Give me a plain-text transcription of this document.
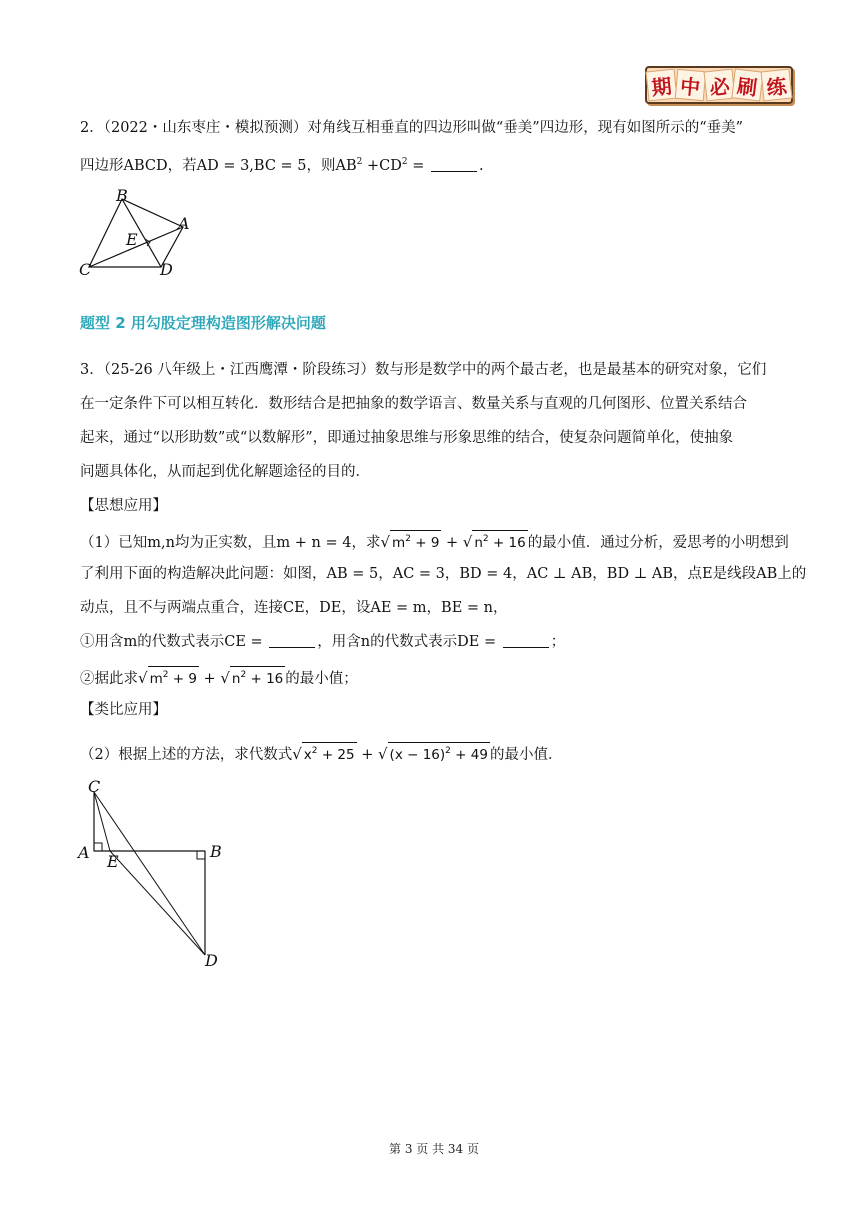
期 中 必 刷 练
2．（2022・山东枣庄・模拟预测）对角线互相垂直的四边形叫做“垂美”四边形，现有如图所示的“垂美”
四边形ABCD，若AD = 3,BC = 5，则$AB^2 +CD^2$ =	.
B
A
E
C	D
题型 2 用勾股定理构造图形解决问题
3．（25-26 八年级上・江西鹰潭・阶段练习）数与形是数学中的两个最古老，也是最基本的研究对象，它们
在一定条件下可以相互转化．数形结合是把抽象的数学语言、数量关系与直观的几何图形、位置关系结合
起来，通过“以形助数”或“以数解形”，即通过抽象思维与形象思维的结合，使复杂问题简单化，使抽象
问题具体化，从而起到优化解题途径的目的．
【思想应用】
（1）已知m,n均为正实数，且m + n = 4，求√ $m^2 + 9$ + √ $n^2 + 16$ 的最小值．通过分析，爱思考的小明想到
了利用下面的构造解决此问题：如图，AB = 5，AC = 3，BD = 4，AC ⊥ AB，BD ⊥ AB，点E是线段AB上的
动点，且不与两端点重合，连接CE，DE，设AE = m，BE = n，
①用含m的代数式表示CE =	，用含n的代数式表示DE =	；
②据此求√ $m^2 + 9$ + √ $n^2 + 16$ 的最小值；
【类比应用】
（2）根据上述的方法，求代数式√ $x^2 + 25$ + √ $(x - 16)^2 + 49$ 的最小值．
C
A E
B
D
第 3 页 共 34 页
